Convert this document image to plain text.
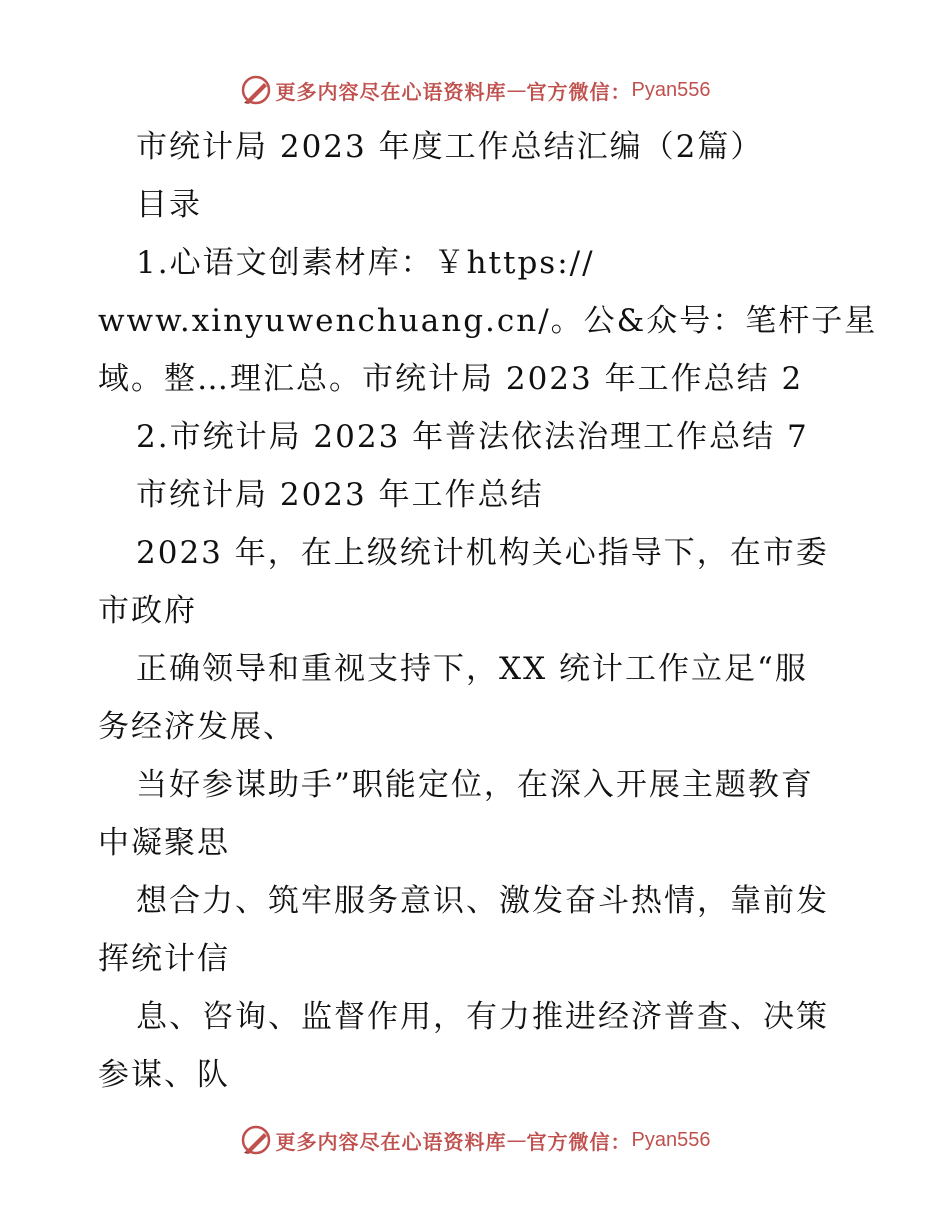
更多内容尽在心语资料库 — 官方微信： Pyan556
市统计局 2023 年度工作总结汇编（2篇）
目录
1.心语文创素材库：￥https://
www.xinyuwenchuang.cn/。公&众号：笔杆子星
域。整…理汇总。市统计局 2023 年工作总结 2
2.市统计局 2023 年普法依法治理工作总结 7
市统计局 2023 年工作总结
2023 年，在上级统计机构关心指导下，在市委
市政府
正确领导和重视支持下，XX 统计工作立足“服
务经济发展、
当好参谋助手”职能定位，在深入开展主题教育
中凝聚思
想合力、筑牢服务意识、激发奋斗热情，靠前发
挥统计信
息、咨询、监督作用，有力推进经济普查、决策
参谋、队
更多内容尽在心语资料库 — 官方微信： Pyan556
